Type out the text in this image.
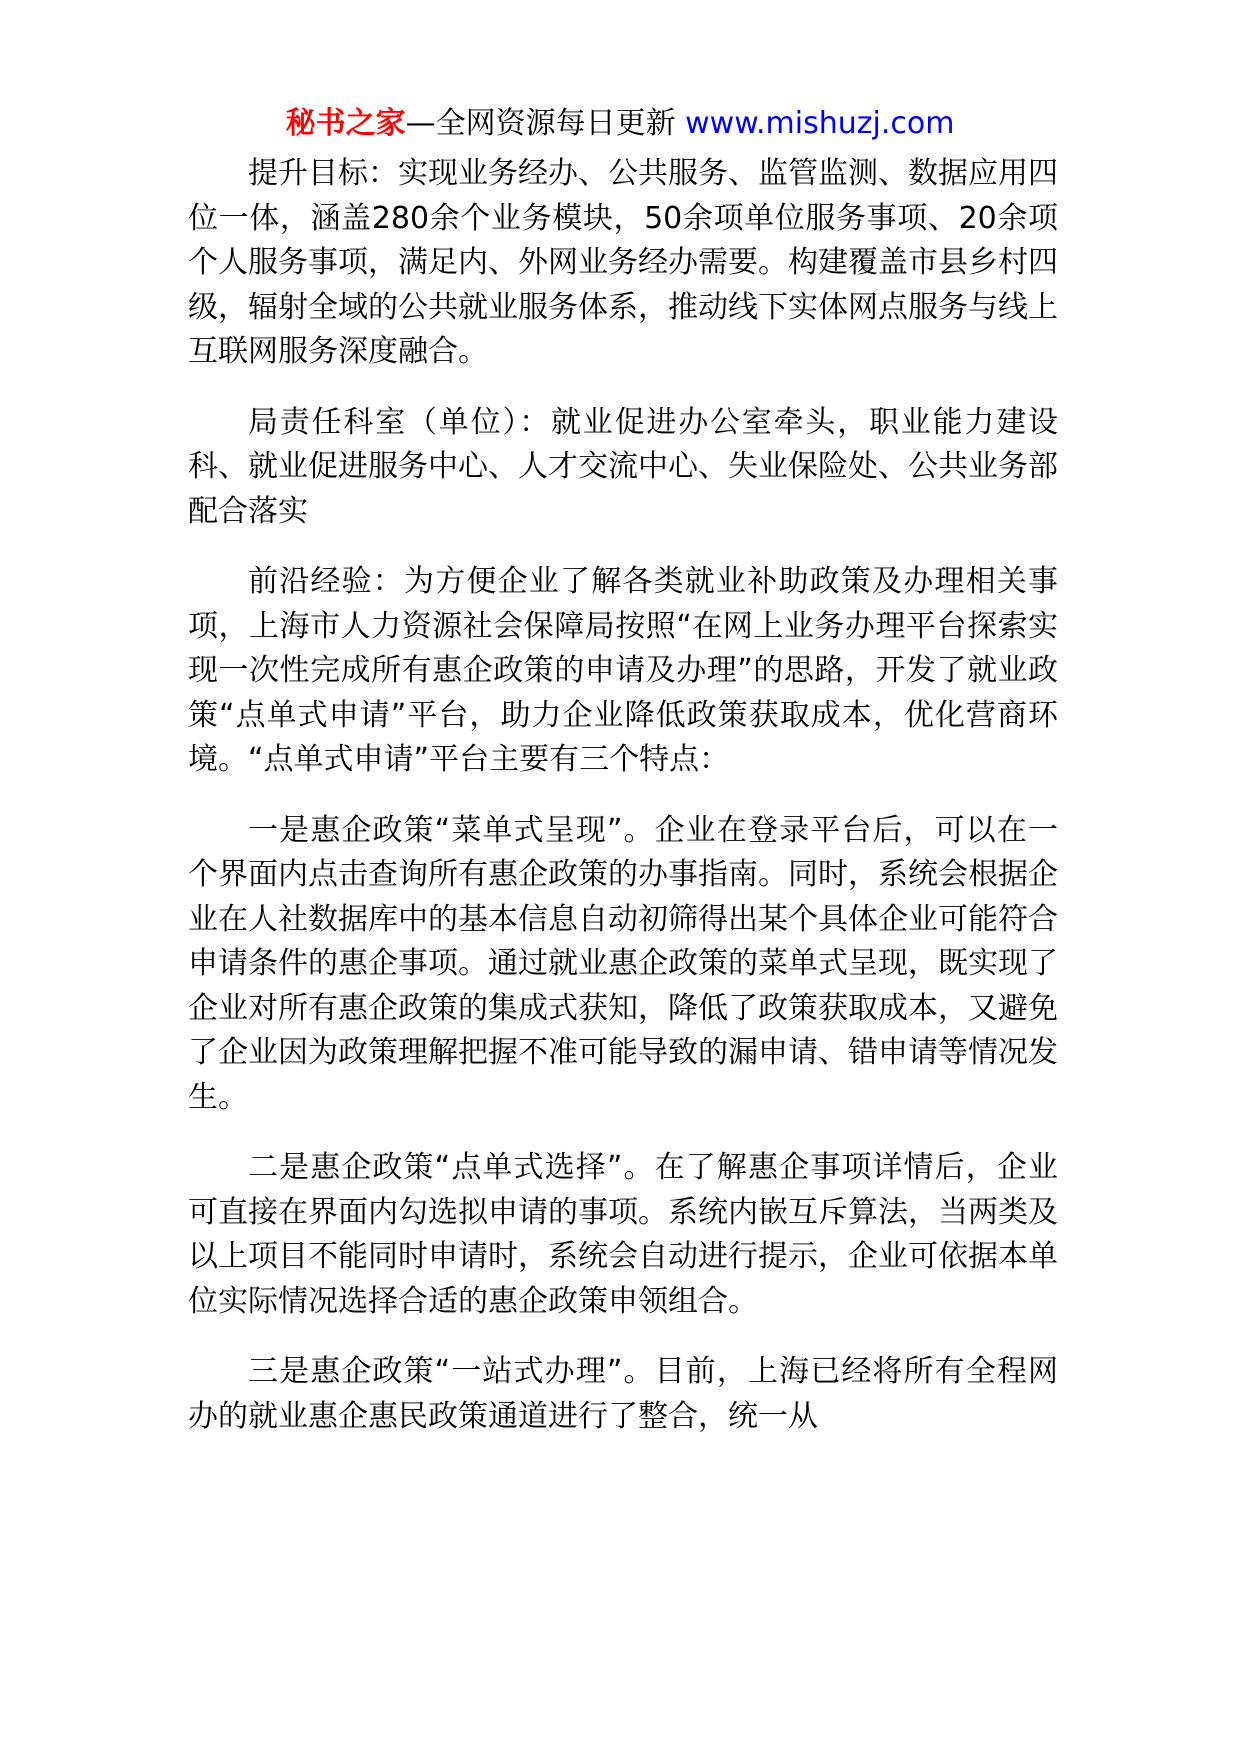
秘书之家—全网资源每日更新 www.mishuzj.com

提升目标：实现业务经办、公共服务、监管监测、数据应用四位一体，涵盖280余个业务模块，50余项单位服务事项、20余项个人服务事项，满足内、外网业务经办需要。构建覆盖市县乡村四级，辐射全域的公共就业服务体系，推动线下实体网点服务与线上互联网服务深度融合。

局责任科室（单位）：就业促进办公室牵头，职业能力建设科、就业促进服务中心、人才交流中心、失业保险处、公共业务部配合落实

前沿经验：为方便企业了解各类就业补助政策及办理相关事项，上海市人力资源社会保障局按照“在网上业务办理平台探索实现一次性完成所有惠企政策的申请及办理”的思路，开发了就业政策“点单式申请”平台，助力企业降低政策获取成本，优化营商环境。“点单式申请”平台主要有三个特点：

一是惠企政策“菜单式呈现”。企业在登录平台后，可以在一个界面内点击查询所有惠企政策的办事指南。同时，系统会根据企业在人社数据库中的基本信息自动初筛得出某个具体企业可能符合申请条件的惠企事项。通过就业惠企政策的菜单式呈现，既实现了企业对所有惠企政策的集成式获知，降低了政策获取成本，又避免了企业因为政策理解把握不准可能导致的漏申请、错申请等情况发生。

二是惠企政策“点单式选择”。在了解惠企事项详情后，企业可直接在界面内勾选拟申请的事项。系统内嵌互斥算法，当两类及以上项目不能同时申请时，系统会自动进行提示，企业可依据本单位实际情况选择合适的惠企政策申领组合。

三是惠企政策“一站式办理”。目前，上海已经将所有全程网办的就业惠企惠民政策通道进行了整合，统一从
